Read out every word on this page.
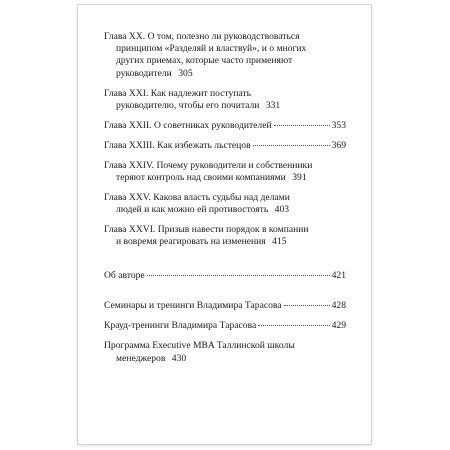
Глава XX. О том, полезно ли руководствоваться
принципом «Разделяй и властвуй», и о многих
других приемах, которые часто применяют
руководители 305
Глава XXI. Как надлежит поступать
руководителю, чтобы его почитали 331
Глава XXII. О советниках руководителей	353
Глава XXIII. Как избежать льстецов	369
Глава XXIV. Почему руководители и собственники
теряют контроль над своими компаниями 391
Глава XXV. Какова власть судьбы над делами
людей и как можно ей противостоять 403
Глава XXVI. Призыв навести порядок в компании
и вовремя реагировать на изменения 415
Об авторе	421
Семинары и тренинги Владимира Тарасова	428
Крауд-тренинги Владимира Тарасова	429
Программа Executive MBA Таллинской школы
менеджеров 430
